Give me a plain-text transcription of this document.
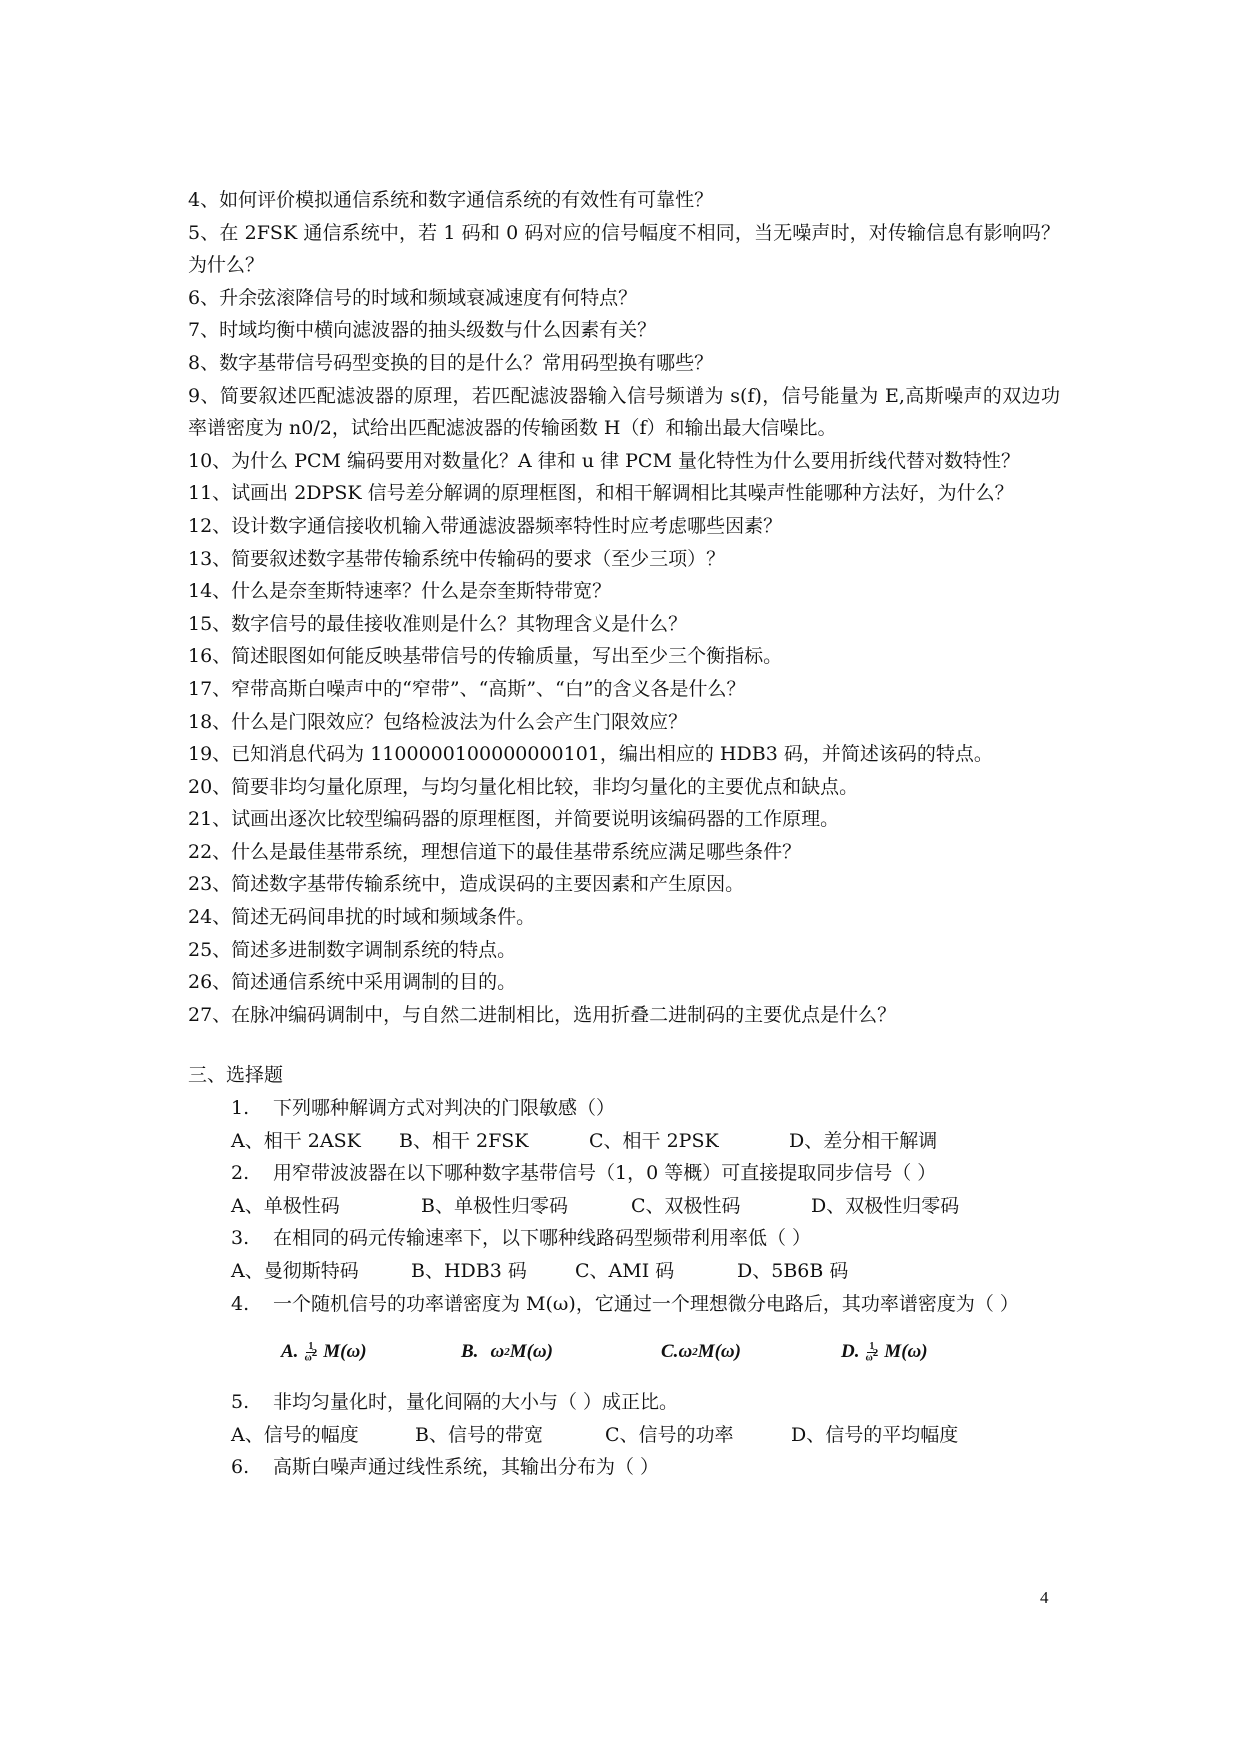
4、如何评价模拟通信系统和数字通信系统的有效性有可靠性？

5、在 2FSK 通信系统中，若 1 码和 0 码对应的信号幅度不相同，当无噪声时，对传输信息有影响吗？为什么？

6、升余弦滚降信号的时域和频域衰减速度有何特点？

7、时域均衡中横向滤波器的抽头级数与什么因素有关？

8、数字基带信号码型变换的目的是什么？常用码型换有哪些？

9、简要叙述匹配滤波器的原理，若匹配滤波器输入信号频谱为 s(f)，信号能量为 E,高斯噪声的双边功率谱密度为 n0/2，试给出匹配滤波器的传输函数 H（f）和输出最大信噪比。

10、为什么 PCM 编码要用对数量化？A 律和 u 律 PCM 量化特性为什么要用折线代替对数特性？

11、试画出 2DPSK 信号差分解调的原理框图，和相干解调相比其噪声性能哪种方法好，为什么？

12、设计数字通信接收机输入带通滤波器频率特性时应考虑哪些因素？

13、简要叙述数字基带传输系统中传输码的要求（至少三项）？

14、什么是奈奎斯特速率？什么是奈奎斯特带宽？

15、数字信号的最佳接收准则是什么？其物理含义是什么？

16、简述眼图如何能反映基带信号的传输质量，写出至少三个衡指标。

17、窄带高斯白噪声中的“窄带”、“高斯”、“白”的含义各是什么？

18、什么是门限效应？包络检波法为什么会产生门限效应？

19、已知消息代码为 1100000100000000101，编出相应的 HDB3 码，并简述该码的特点。

20、简要非均匀量化原理，与均匀量化相比较，非均匀量化的主要优点和缺点。

21、试画出逐次比较型编码器的原理框图，并简要说明该编码器的工作原理。

22、什么是最佳基带系统，理想信道下的最佳基带系统应满足哪些条件？

23、简述数字基带传输系统中，造成误码的主要因素和产生原因。

24、简述无码间串扰的时域和频域条件。

25、简述多进制数字调制系统的特点。

26、简述通信系统中采用调制的目的。

27、在脉冲编码调制中，与自然二进制相比，选用折叠二进制码的主要优点是什么？

三、选择题

1.	下列哪种解调方式对判决的门限敏感（）
A、相干 2ASK	B、相干 2FSK	C、相干 2PSK	D、差分相干解调
2.	用窄带波波器在以下哪种数字基带信号（1，0 等概）可直接提取同步信号（ ）
A、单极性码	B、单极性归零码	C、双极性码	D、双极性归零码
3.	在相同的码元传输速率下，以下哪种线路码型频带利用率低（ ）
A、曼彻斯特码	B、HDB3 码	C、AMI 码	D、5B6B 码
4.	一个随机信号的功率谱密度为 M(ω)，它通过一个理想微分电路后，其功率谱密度为（ ）
A. $\frac{1}{\omega 2} M(\omega)$	B. ω 2 M(ω)	C. ω 2 M(ω)	D. $\frac{1}{\omega 2} M(\omega)$
5.	非均匀量化时，量化间隔的大小与（ ）成正比。
A、信号的幅度	B、信号的带宽	C、信号的功率	D、信号的平均幅度
6.	高斯白噪声通过线性系统，其输出分布为（ ）
4
